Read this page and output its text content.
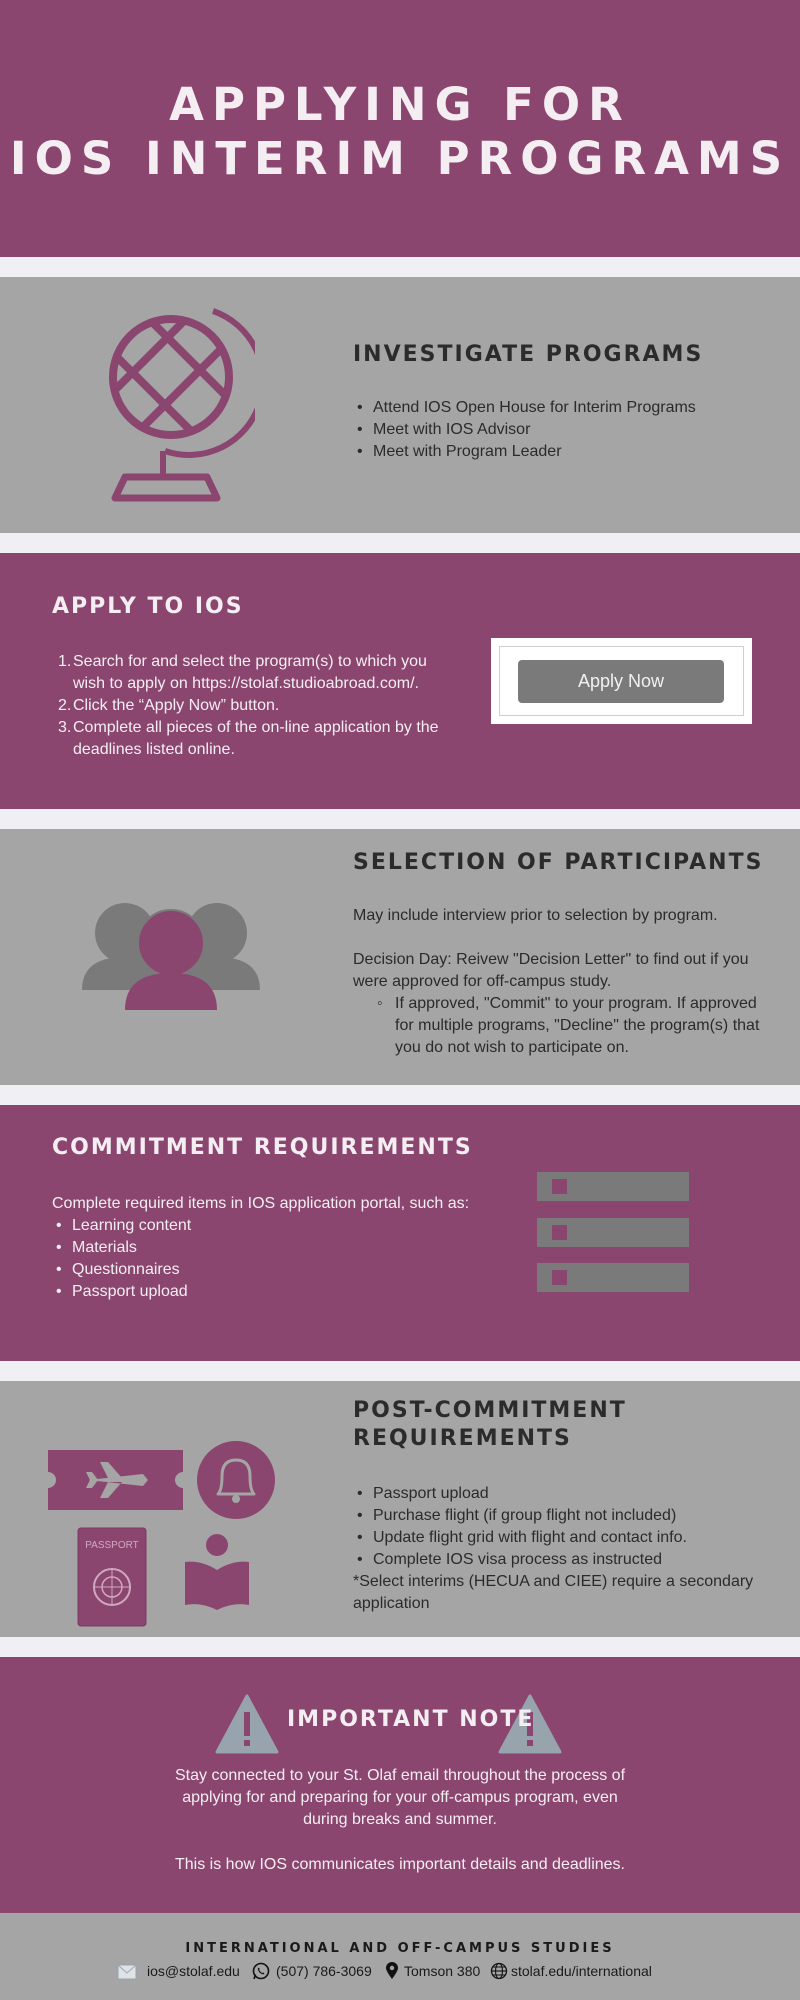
APPLYING FOR
IOS INTERIM PROGRAMS
INVESTIGATE PROGRAMS
• Attend IOS Open House for Interim Programs
• Meet with IOS Advisor
• Meet with Program Leader
APPLY TO IOS
1. Search for and select the program(s) to which you wish to apply on https://stolaf.studioabroad.com/.
2. Click the “Apply Now” button.
3. Complete all pieces of the on-line application by the deadlines listed online.
Apply Now
SELECTION OF PARTICIPANTS
May include interview prior to selection by program.
Decision Day: Reivew "Decision Letter" to find out if you were approved for off-campus study.
◦ If approved, "Commit" to your program. If approved for multiple programs, "Decline" the program(s) that you do not wish to participate on.
COMMITMENT REQUIREMENTS
Complete required items in IOS application portal, such as:
• Learning content
• Materials
• Questionnaires
• Passport upload
POST-COMMITMENT
REQUIREMENTS
• Passport upload
• Purchase flight (if group flight not included)
• Update flight grid with flight and contact info.
• Complete IOS visa process as instructed
*Select interims (HECUA and CIEE) require a secondary application
PASSPORT
IMPORTANT NOTE
Stay connected to your St. Olaf email throughout the process of applying for and preparing for your off-campus program, even during breaks and summer.
This is how IOS communicates important details and deadlines.
INTERNATIONAL AND OFF-CAMPUS STUDIES
ios@stolaf.edu	(507) 786-3069 Tomson 380 stolaf.edu/international
